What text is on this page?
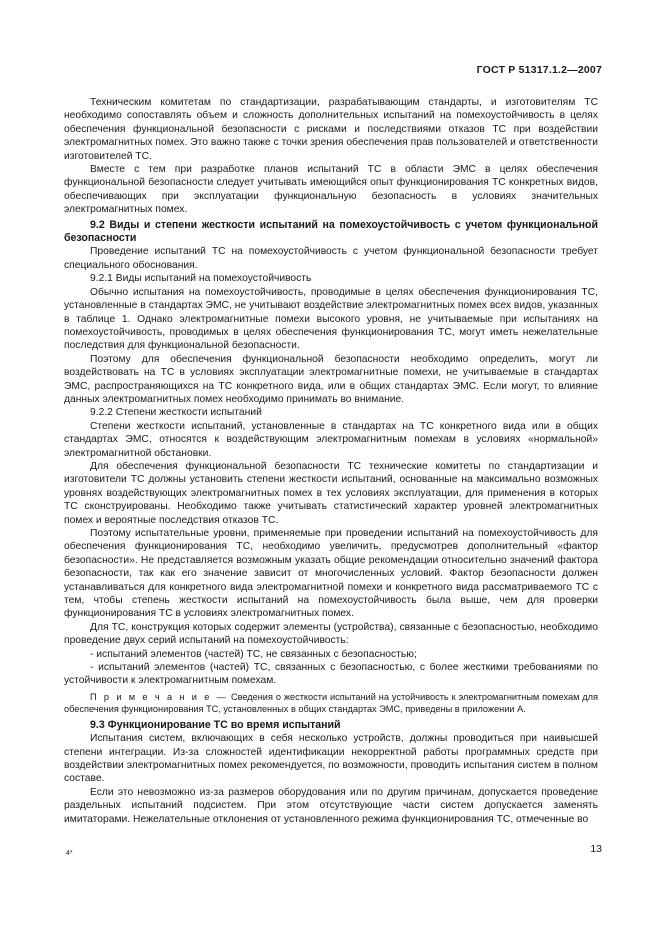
ГОСТ Р 51317.1.2—2007

Техническим комитетам по стандартизации, разрабатывающим стандарты, и изготовителям ТС необходимо сопоставлять объем и сложность дополнительных испытаний на помехоустойчивость в целях обеспечения функциональной безопасности с рисками и последствиями отказов ТС при воздействии электромагнитных помех. Это важно также с точки зрения обеспечения прав пользователей и ответственности изготовителей ТС.

Вместе с тем при разработке планов испытаний ТС в области ЭМС в целях обеспечения функциональной безопасности следует учитывать имеющийся опыт функционирования ТС конкретных видов, обеспечивающих при эксплуатации функциональную безопасность в условиях значительных электромагнитных помех.

9.2 Виды и степени жесткости испытаний на помехоустойчивость с учетом функциональной безопасности

Проведение испытаний ТС на помехоустойчивость с учетом функциональной безопасности требует специального обоснования.

9.2.1 Виды испытаний на помехоустойчивость

Обычно испытания на помехоустойчивость, проводимые в целях обеспечения функционирования ТС, установленные в стандартах ЭМС, не учитывают воздействие электромагнитных помех всех видов, указанных в таблице 1. Однако электромагнитные помехи высокого уровня, не учитываемые при испытаниях на помехоустойчивость, проводимых в целях обеспечения функционирования ТС, могут иметь нежелательные последствия для функциональной безопасности.

Поэтому для обеспечения функциональной безопасности необходимо определить, могут ли воздействовать на ТС в условиях эксплуатации электромагнитные помехи, не учитываемые в стандартах ЭМС, распространяющихся на ТС конкретного вида, или в общих стандартах ЭМС. Если могут, то влияние данных электромагнитных помех необходимо принимать во внимание.

9.2.2 Степени жесткости испытаний

Степени жесткости испытаний, установленные в стандартах на ТС конкретного вида или в общих стандартах ЭМС, относятся к воздействующим электромагнитным помехам в условиях «нормальной» электромагнитной обстановки.

Для обеспечения функциональной безопасности ТС технические комитеты по стандартизации и изготовители ТС должны установить степени жесткости испытаний, основанные на максимально возможных уровнях воздействующих электромагнитных помех в тех условиях эксплуатации, для применения в которых ТС сконструированы. Необходимо также учитывать статистический характер уровней электромагнитных помех и вероятные последствия отказов ТС.

Поэтому испытательные уровни, применяемые при проведении испытаний на помехоустойчивость для обеспечения функционирования ТС, необходимо увеличить, предусмотрев дополнительный «фактор безопасности». Не представляется возможным указать общие рекомендации относительно значений фактора безопасности, так как его значение зависит от многочисленных условий. Фактор безопасности должен устанавливаться для конкретного вида электромагнитной помехи и конкретного вида рассматриваемого ТС с тем, чтобы степень жесткости испытаний на помехоустойчивость была выше, чем для проверки функционирования ТС в условиях электромагнитных помех.

Для ТС, конструкция которых содержит элементы (устройства), связанные с безопасностью, необходимо проведение двух серий испытаний на помехоустойчивость:

- испытаний элементов (частей) ТС, не связанных с безопасностью;

- испытаний элементов (частей) ТС, связанных с безопасностью, с более жесткими требованиями по устойчивости к электромагнитным помехам.

П р и м е ч а н и е — Сведения о жесткости испытаний на устойчивость к электромагнитным помехам для обеспечения функционирования ТС, установленных в общих стандартах ЭМС, приведены в приложении А.

9.3 Функционирование ТС во время испытаний

Испытания систем, включающих в себя несколько устройств, должны проводиться при наивысшей степени интеграции. Из-за сложностей идентификации некорректной работы программных средств при воздействии электромагнитных помех рекомендуется, по возможности, проводить испытания систем в полном составе.

Если это невозможно из-за размеров оборудования или по другим причинам, допускается проведение раздельных испытаний подсистем. При этом отсутствующие части систем допускается заменять имитаторами. Нежелательные отклонения от установленного режима функционирования ТС, отмеченные во

4*	13
